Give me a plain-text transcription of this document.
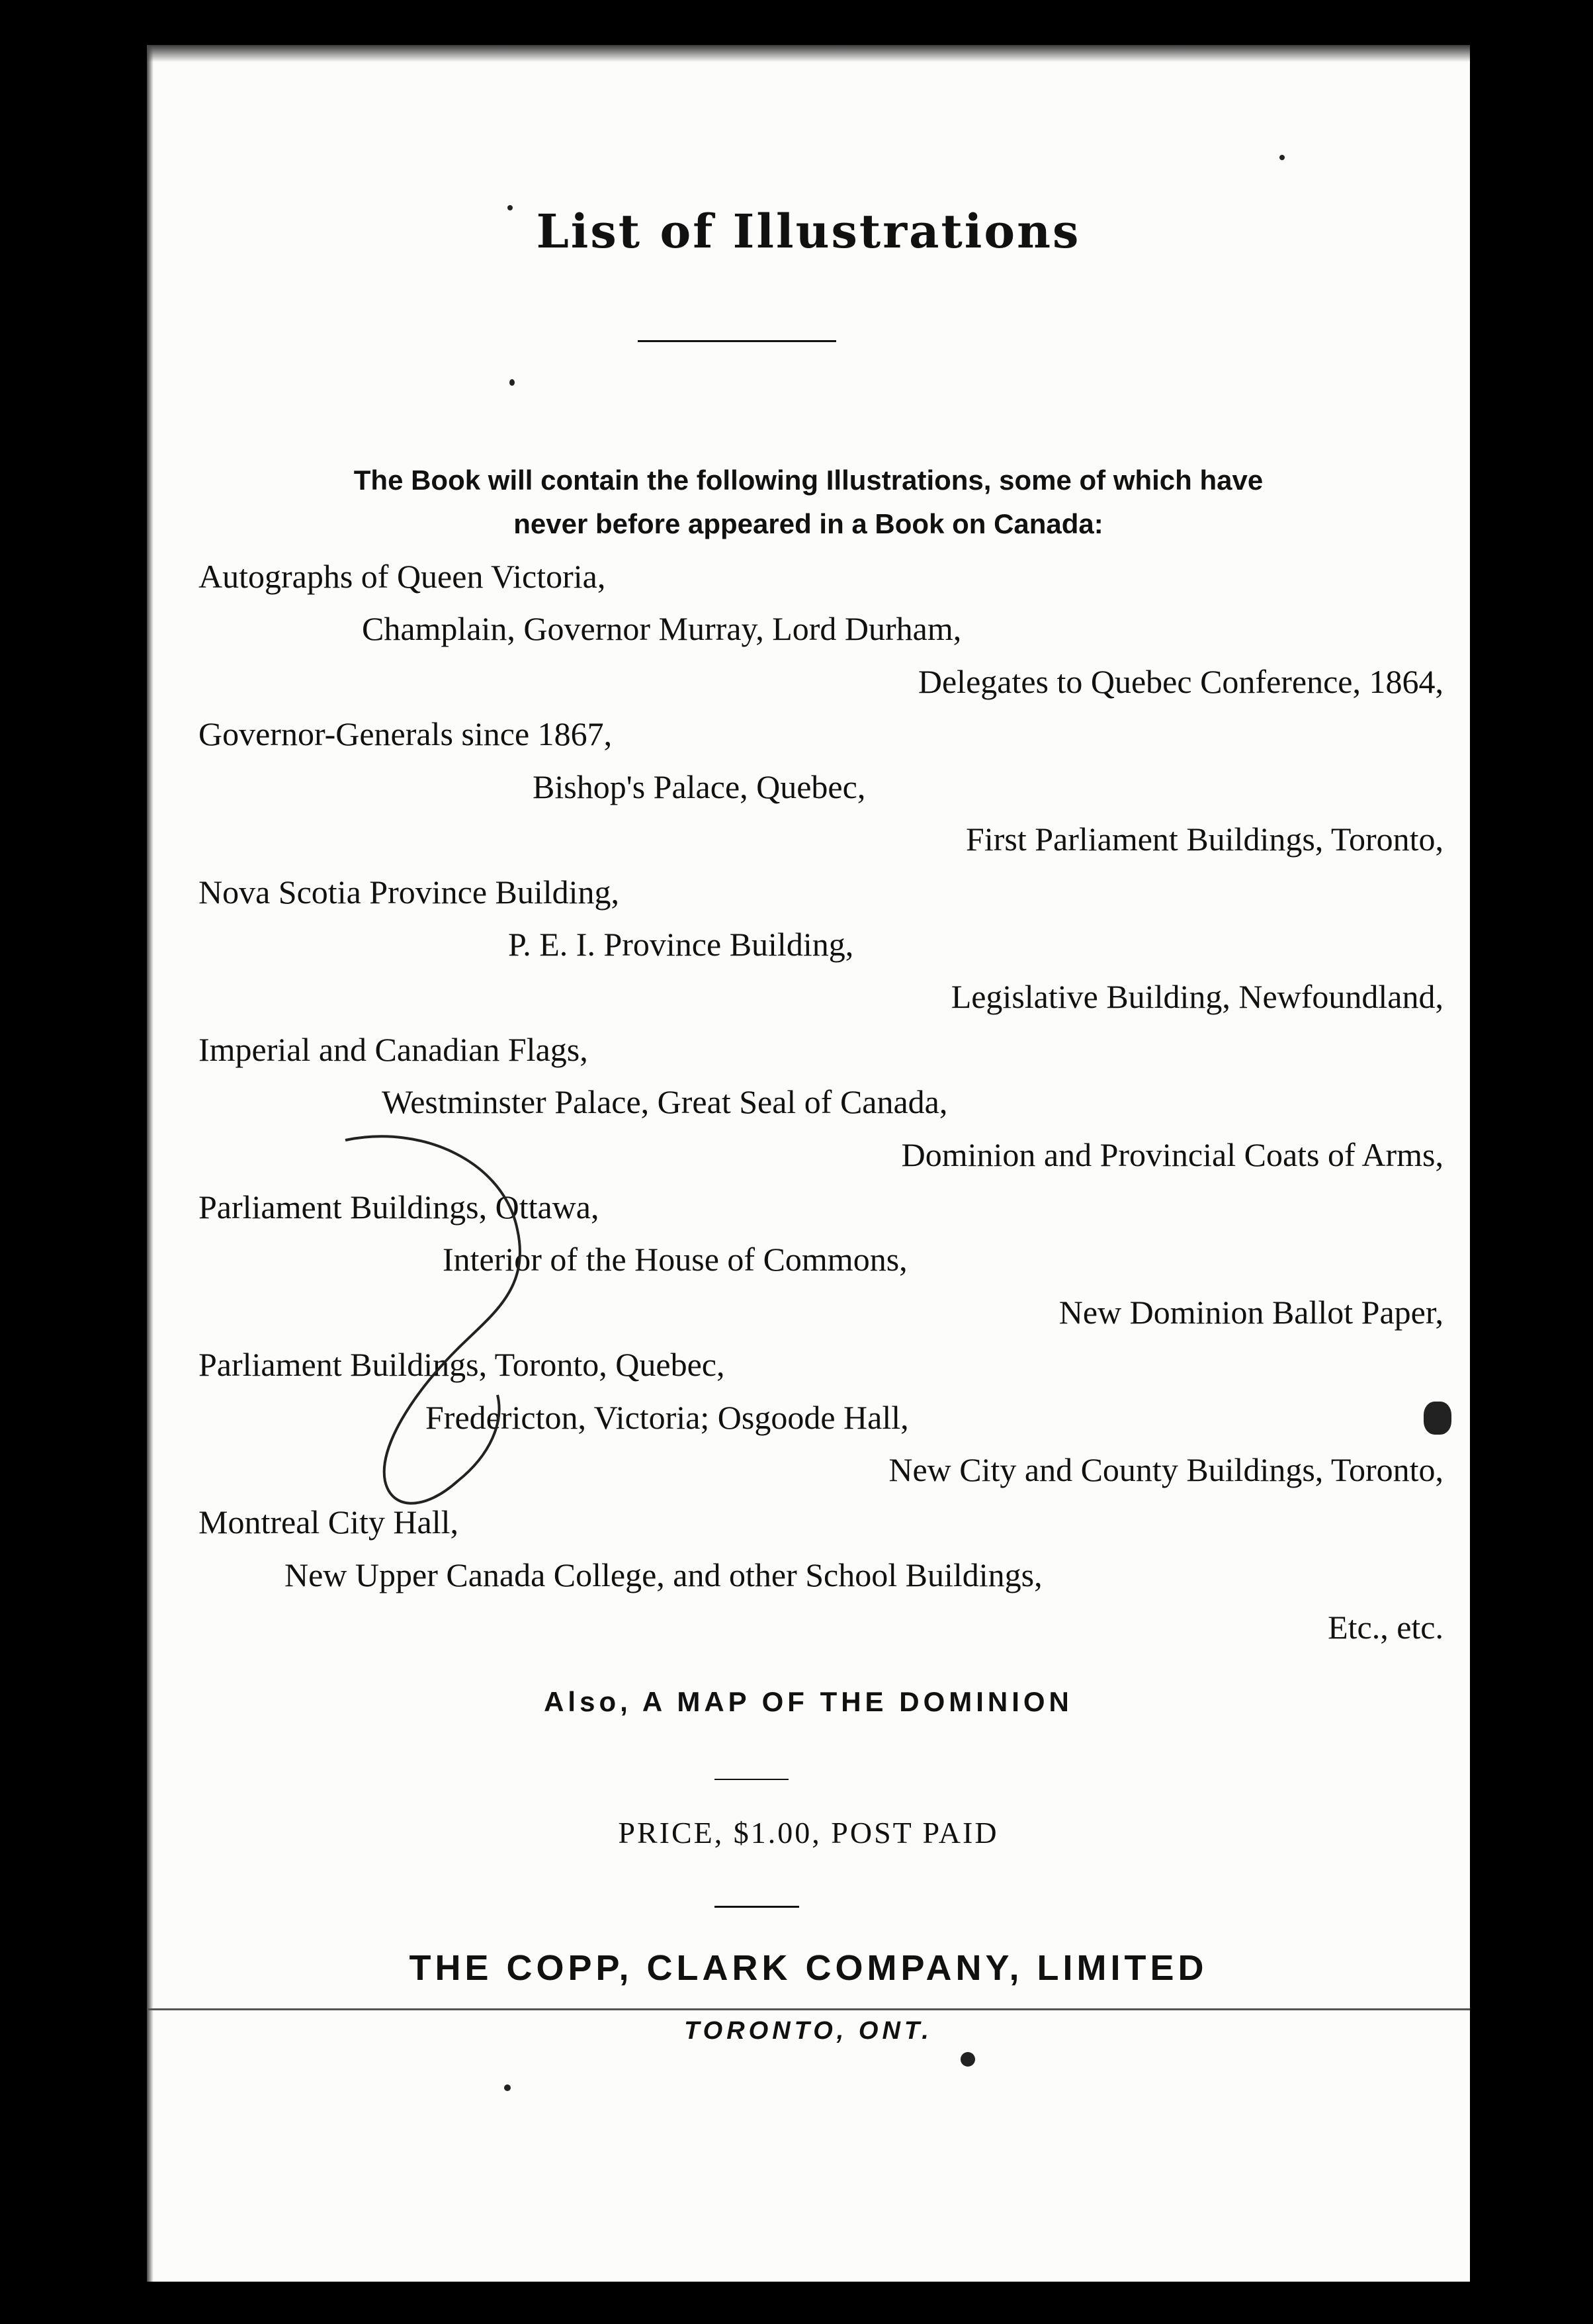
List of Illustrations
The Book will contain the following Illustrations, some of which have
never before appeared in a Book on Canada:
Autographs of Queen Victoria,
Champlain, Governor Murray, Lord Durham,
Delegates to Quebec Conference, 1864,
Governor-Generals since 1867,
Bishop's Palace, Quebec,
First Parliament Buildings, Toronto,
Nova Scotia Province Building,
P. E. I. Province Building,
Legislative Building, Newfoundland,
Imperial and Canadian Flags,
Westminster Palace, Great Seal of Canada,
Dominion and Provincial Coats of Arms,
Parliament Buildings, Ottawa,
Interior of the House of Commons,
New Dominion Ballot Paper,
Parliament Buildings, Toronto, Quebec,
Fredericton, Victoria; Osgoode Hall,
New City and County Buildings, Toronto,
Montreal City Hall,
New Upper Canada College, and other School Buildings,
Etc., etc.
Also, A MAP OF THE DOMINION
PRICE, $1.00, POST PAID
THE COPP, CLARK COMPANY, LIMITED
TORONTO, ONT.
